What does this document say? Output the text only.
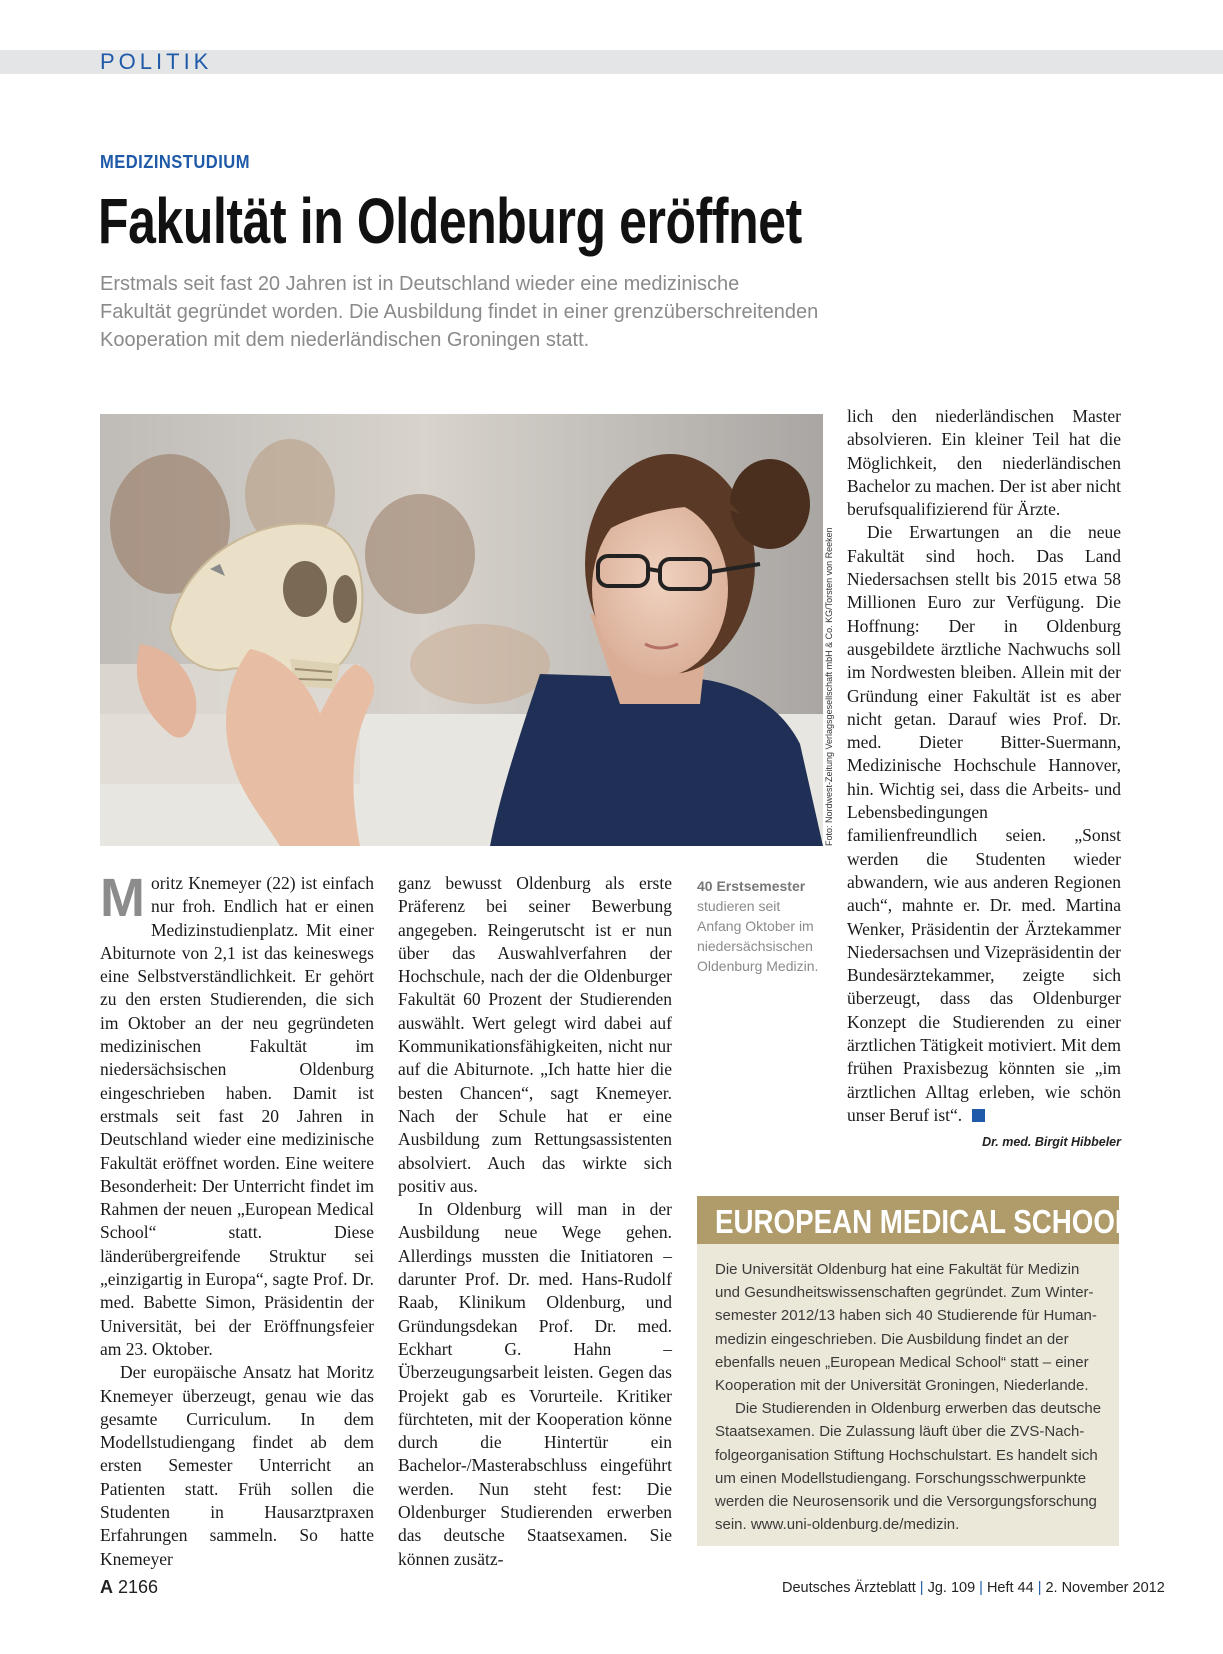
POLITIK
MEDIZINSTUDIUM
Fakultät in Oldenburg eröffnet
Erstmals seit fast 20 Jahren ist in Deutschland wieder eine medizinische
Fakultät gegründet worden. Die Ausbildung findet in einer grenzüberschreitenden
Kooperation mit dem niederländischen Groningen statt.
Foto: Nordwest-Zeitung Verlagsgesellschaft mbH & Co. KG/Torsten von Reeken

Moritz Knemeyer (22) ist einfach nur froh. Endlich hat er einen Medizinstudienplatz. Mit einer Abiturnote von 2,1 ist das keineswegs eine Selbstverständlichkeit. Er gehört zu den ersten Studierenden, die sich im Oktober an der neu gegründeten medizinischen Fakultät im niedersächsischen Oldenburg eingeschrieben haben. Damit ist erstmals seit fast 20 Jahren in Deutschland wieder eine medizinische Fakultät eröffnet worden. Eine weitere Besonderheit: Der Unterricht findet im Rahmen der neuen „European Medical School“ statt. Diese länderübergreifende Struktur sei „einzigartig in Europa“, sagte Prof. Dr. med. Babette Simon, Präsidentin der Universität, bei der Eröffnungsfeier am 23. Oktober.

Der europäische Ansatz hat Moritz Knemeyer überzeugt, genau wie das gesamte Curriculum. In dem Modellstudiengang findet ab dem ersten Semester Unterricht an Patienten statt. Früh sollen die Studenten in Hausarztpraxen Erfahrungen sammeln. So hatte Knemeyer

ganz bewusst Oldenburg als erste Präferenz bei seiner Bewerbung angegeben. Reingerutscht ist er nun über das Auswahlverfahren der Hochschule, nach der die Oldenburger Fakultät 60 Prozent der Studierenden auswählt. Wert gelegt wird dabei auf Kommunikationsfähigkeiten, nicht nur auf die Abiturnote. „Ich hatte hier die besten Chancen“, sagt Knemeyer. Nach der Schule hat er eine Ausbildung zum Rettungsassistenten absolviert. Auch das wirkte sich positiv aus.

In Oldenburg will man in der Ausbildung neue Wege gehen. Allerdings mussten die Initiatoren – darunter Prof. Dr. med. Hans-Rudolf Raab, Klinikum Oldenburg, und Gründungsdekan Prof. Dr. med. Eckhart G. Hahn – Überzeugungsarbeit leisten. Gegen das Projekt gab es Vorurteile. Kritiker fürchteten, mit der Kooperation könne durch die Hintertür ein Bachelor-/Masterabschluss eingeführt werden. Nun steht fest: Die Oldenburger Studierenden erwerben das deutsche Staatsexamen. Sie können zusätz-

40 Erstsemester
studieren seit Anfang Oktober im niedersächsischen Oldenburg Medizin.

lich den niederländischen Master absolvieren. Ein kleiner Teil hat die Möglichkeit, den niederländischen Bachelor zu machen. Der ist aber nicht berufsqualifizierend für Ärzte.

Die Erwartungen an die neue Fakultät sind hoch. Das Land Niedersachsen stellt bis 2015 etwa 58 Millionen Euro zur Verfügung. Die Hoffnung: Der in Oldenburg ausgebildete ärztliche Nachwuchs soll im Nordwesten bleiben. Allein mit der Gründung einer Fakultät ist es aber nicht getan. Darauf wies Prof. Dr. med. Dieter Bitter-Suermann, Medizinische Hochschule Hannover, hin. Wichtig sei, dass die Arbeits- und Lebensbedingungen familienfreundlich seien. „Sonst werden die Studenten wieder abwandern, wie aus anderen Regionen auch“, mahnte er. Dr. med. Martina Wenker, Präsidentin der Ärztekammer Niedersachsen und Vizepräsidentin der Bundesärztekammer, zeigte sich überzeugt, dass das Oldenburger Konzept die Studierenden zu einer ärztlichen Tätigkeit motiviert. Mit dem frühen Praxisbezug könnten sie „im ärztlichen Alltag erleben, wie schön unser Beruf ist“.

Dr. med. Birgit Hibbeler
EUROPEAN MEDICAL SCHOOL

Die Universität Oldenburg hat eine Fakultät für Medizin
und Gesundheitswissenschaften gegründet. Zum Winter-
semester 2012/13 haben sich 40 Studierende für Human-
medizin eingeschrieben. Die Ausbildung findet an der
ebenfalls neuen „European Medical School“ statt – einer
Kooperation mit der Universität Groningen, Niederlande.

Die Studierenden in Oldenburg erwerben das deutsche
Staatsexamen. Die Zulassung läuft über die ZVS-Nach-
folgeorganisation Stiftung Hochschulstart. Es handelt sich
um einen Modellstudiengang. Forschungsschwerpunkte
werden die Neurosensorik und die Versorgungsforschung
sein. www.uni-oldenburg.de/medizin.

A 2166	Deutsches Ärzteblatt | Jg. 109 | Heft 44 | 2. November 2012
